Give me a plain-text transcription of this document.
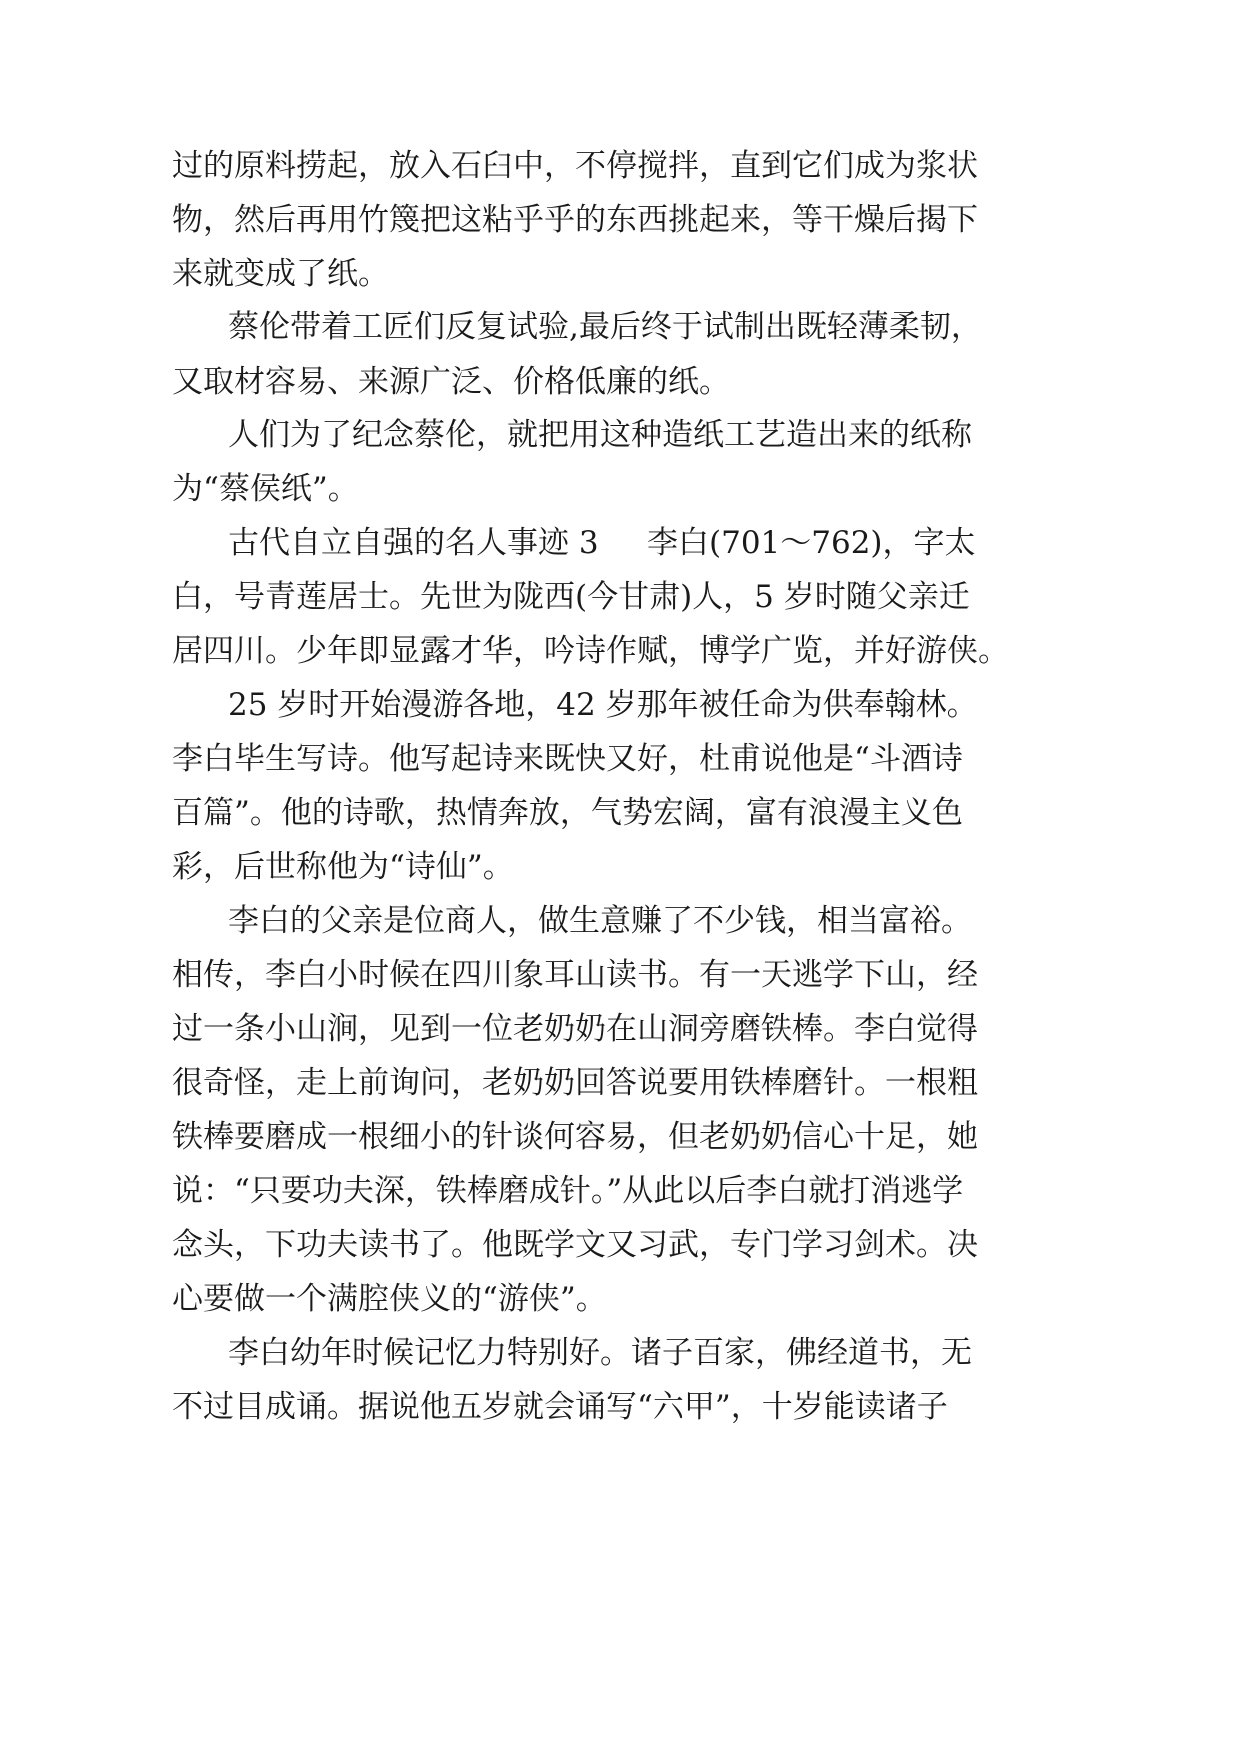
过的原料捞起，放入石臼中，不停搅拌，直到它们成为浆状
物，然后再用竹篾把这粘乎乎的东西挑起来，等干燥后揭下
来就变成了纸。
蔡伦带着工匠们反复试验,最后终于试制出既轻薄柔韧，
又取材容易、来源广泛、价格低廉的纸。
人们为了纪念蔡伦，就把用这种造纸工艺造出来的纸称
为“蔡侯纸”。
古代自立自强的名人事迹 3 李白(701～762)，字太
白，号青莲居士。先世为陇西(今甘肃)人，5 岁时随父亲迁
居四川。少年即显露才华，吟诗作赋，博学广览，并好游侠。
25 岁时开始漫游各地，42 岁那年被任命为供奉翰林。
李白毕生写诗。他写起诗来既快又好，杜甫说他是“斗酒诗
百篇”。他的诗歌，热情奔放，气势宏阔，富有浪漫主义色
彩，后世称他为“诗仙”。
李白的父亲是位商人，做生意赚了不少钱，相当富裕。
相传，李白小时候在四川象耳山读书。有一天逃学下山，经
过一条小山涧，见到一位老奶奶在山洞旁磨铁棒。李白觉得
很奇怪，走上前询问，老奶奶回答说要用铁棒磨针。一根粗
铁棒要磨成一根细小的针谈何容易，但老奶奶信心十足，她
说：“只要功夫深，铁棒磨成针。”从此以后李白就打消逃学
念头，下功夫读书了。他既学文又习武，专门学习剑术。决
心要做一个满腔侠义的“游侠”。
李白幼年时候记忆力特别好。诸子百家，佛经道书，无
不过目成诵。据说他五岁就会诵写“六甲”，十岁能读诸子
